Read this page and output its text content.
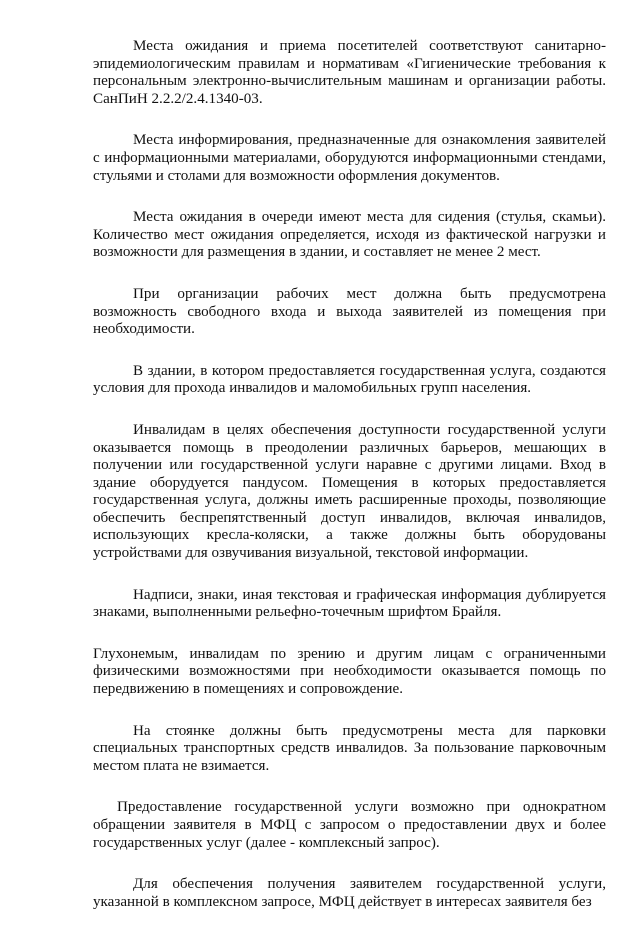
Места ожидания и приема посетителей соответствуют санитарно-эпидемиологическим правилам и нормативам «Гигиенические требования к персональным электронно-вычислительным машинам и организации работы. СанПиН 2.2.2/2.4.1340-03.

Места информирования, предназначенные для ознакомления заявителей с информационными материалами, оборудуются информационными стендами, стульями и столами для возможности оформления документов.

Места ожидания в очереди имеют места для сидения (стулья, скамьи). Количество мест ожидания определяется, исходя из фактической нагрузки и возможности для размещения в здании, и составляет не менее 2 мест.

При организации рабочих мест должна быть предусмотрена возможность свободного входа и выхода заявителей из помещения при необходимости.

В здании, в котором предоставляется государственная услуга, создаются условия для прохода инвалидов и маломобильных групп населения.

Инвалидам в целях обеспечения доступности государственной услуги оказывается помощь в преодолении различных барьеров, мешающих в получении или государственной услуги наравне с другими лицами. Вход в здание оборудуется пандусом. Помещения в которых предоставляется государственная услуга, должны иметь расширенные проходы, позволяющие обеспечить беспрепятственный доступ инвалидов, включая инвалидов, использующих кресла-коляски, а также должны быть оборудованы устройствами для озвучивания визуальной, текстовой информации.

Надписи, знаки, иная текстовая и графическая информация дублируется знаками, выполненными рельефно-точечным шрифтом Брайля.

Глухонемым, инвалидам по зрению и другим лицам с ограниченными физическими возможностями при необходимости оказывается помощь по передвижению в помещениях и сопровождение.

На стоянке должны быть предусмотрены места для парковки специальных транспортных средств инвалидов. За пользование парковочным местом плата не взимается.

Предоставление государственной услуги возможно при однократном обращении заявителя в МФЦ с запросом о предоставлении двух и более государственных услуг (далее - комплексный запрос).

Для обеспечения получения заявителем государственной услуги, указанной в комплексном запросе, МФЦ действует в интересах заявителя без
